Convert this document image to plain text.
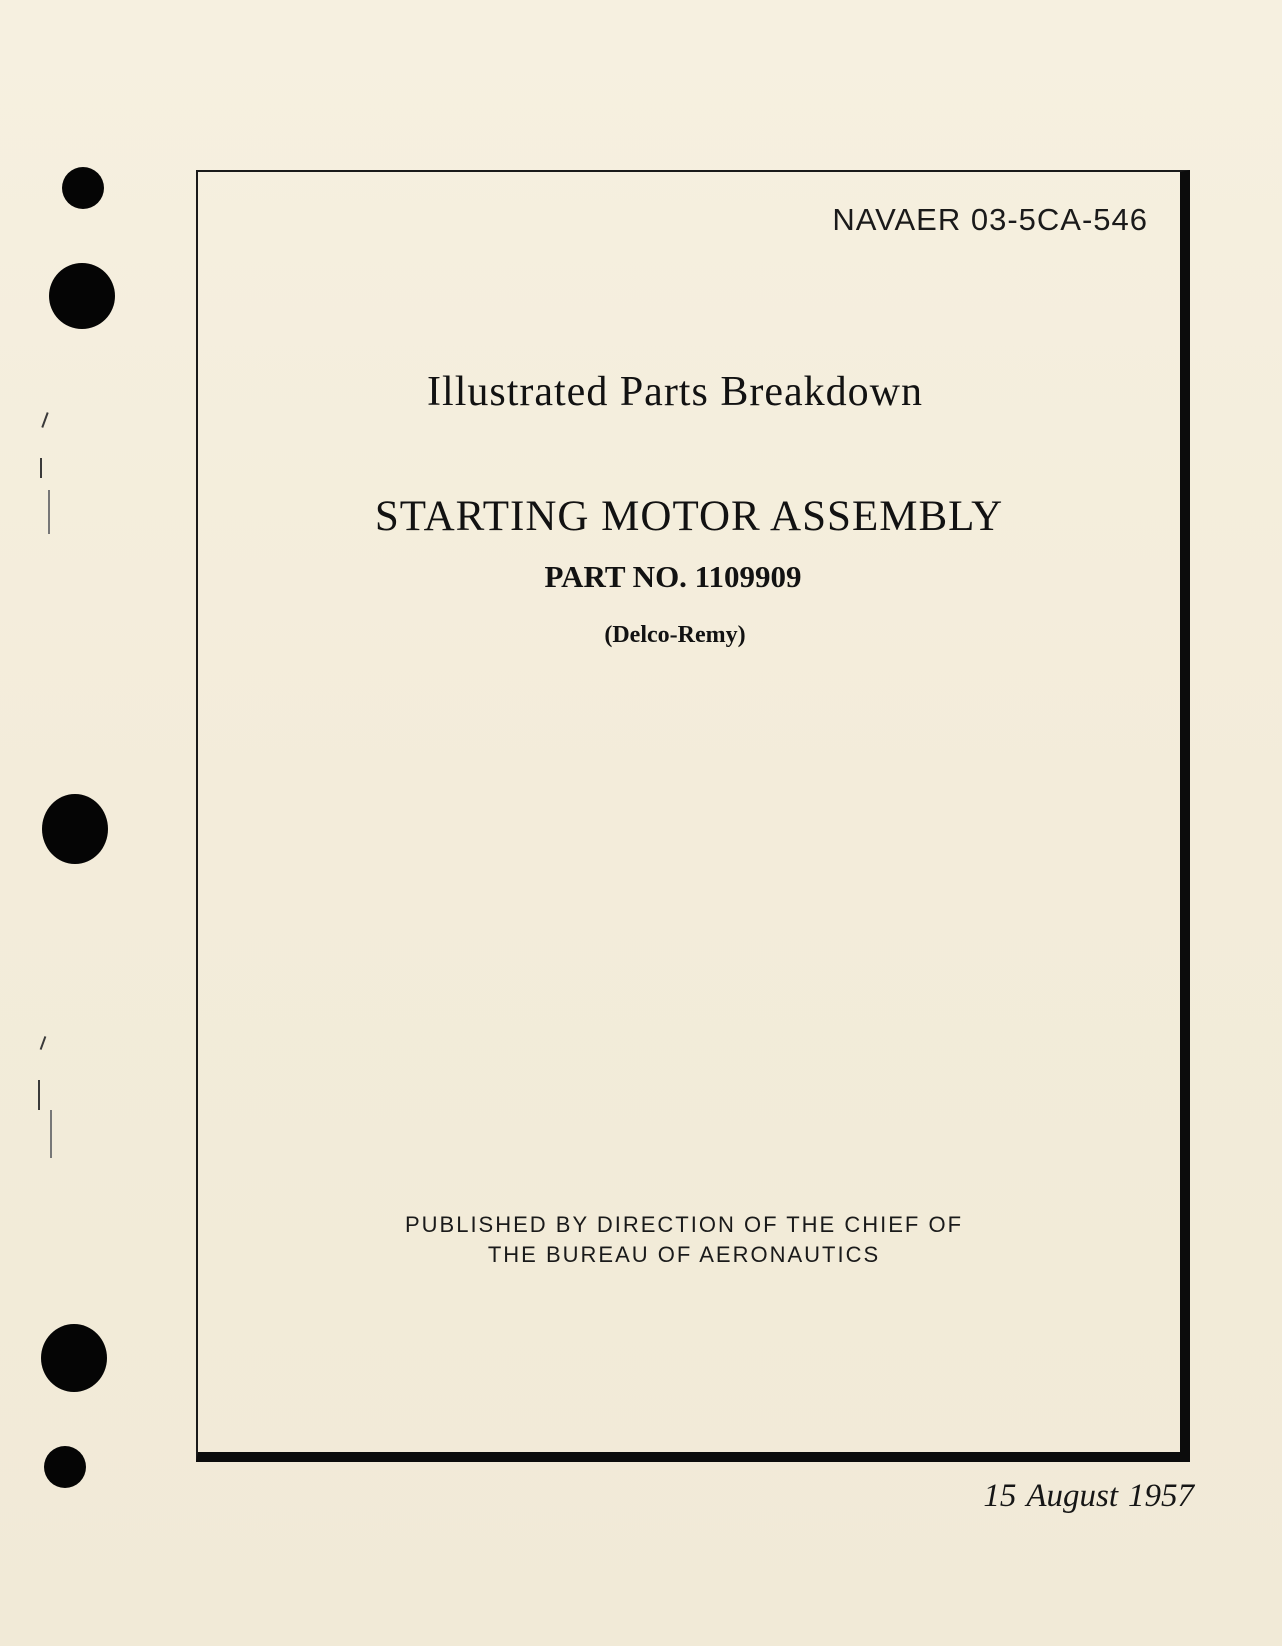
NAVAER 03-5CA-546
Illustrated Parts Breakdown
STARTING MOTOR ASSEMBLY
PART NO. 1109909
(Delco-Remy)
PUBLISHED BY DIRECTION OF THE CHIEF OF
THE BUREAU OF AERONAUTICS
15 August 1957
